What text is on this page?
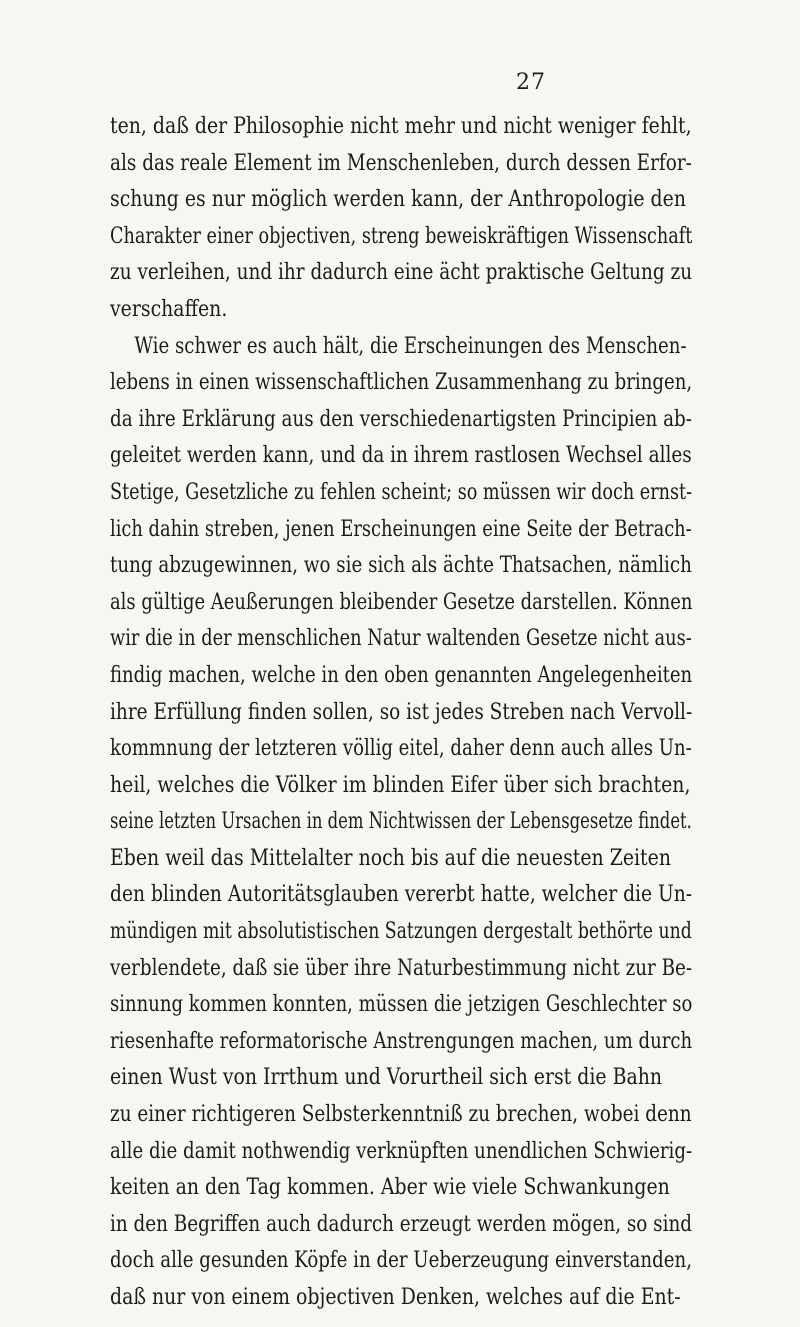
27
ten, daß der Philosophie nicht mehr und nicht weniger fehlt,
als das reale Element im Menschenleben, durch dessen Erfor-
schung es nur möglich werden kann, der Anthropologie den
Charakter einer objectiven, streng beweiskräftigen Wissenschaft
zu verleihen, und ihr dadurch eine ächt praktische Geltung zu
verschaffen.
Wie schwer es auch hält, die Erscheinungen des Menschen-
lebens in einen wissenschaftlichen Zusammenhang zu bringen,
da ihre Erklärung aus den verschiedenartigsten Principien ab-
geleitet werden kann, und da in ihrem rastlosen Wechsel alles
Stetige, Gesetzliche zu fehlen scheint; so müssen wir doch ernst-
lich dahin streben, jenen Erscheinungen eine Seite der Betrach-
tung abzugewinnen, wo sie sich als ächte Thatsachen, nämlich
als gültige Aeußerungen bleibender Gesetze darstellen. Können
wir die in der menschlichen Natur waltenden Gesetze nicht aus-
findig machen, welche in den oben genannten Angelegenheiten
ihre Erfüllung finden sollen, so ist jedes Streben nach Vervoll-
kommnung der letzteren völlig eitel, daher denn auch alles Un-
heil, welches die Völker im blinden Eifer über sich brachten,
seine letzten Ursachen in dem Nichtwissen der Lebensgesetze findet.
Eben weil das Mittelalter noch bis auf die neuesten Zeiten
den blinden Autoritätsglauben vererbt hatte, welcher die Un-
mündigen mit absolutistischen Satzungen dergestalt bethörte und
verblendete, daß sie über ihre Naturbestimmung nicht zur Be-
sinnung kommen konnten, müssen die jetzigen Geschlechter so
riesenhafte reformatorische Anstrengungen machen, um durch
einen Wust von Irrthum und Vorurtheil sich erst die Bahn
zu einer richtigeren Selbsterkenntniß zu brechen, wobei denn
alle die damit nothwendig verknüpften unendlichen Schwierig-
keiten an den Tag kommen. Aber wie viele Schwankungen
in den Begriffen auch dadurch erzeugt werden mögen, so sind
doch alle gesunden Köpfe in der Ueberzeugung einverstanden,
daß nur von einem objectiven Denken, welches auf die Ent-
